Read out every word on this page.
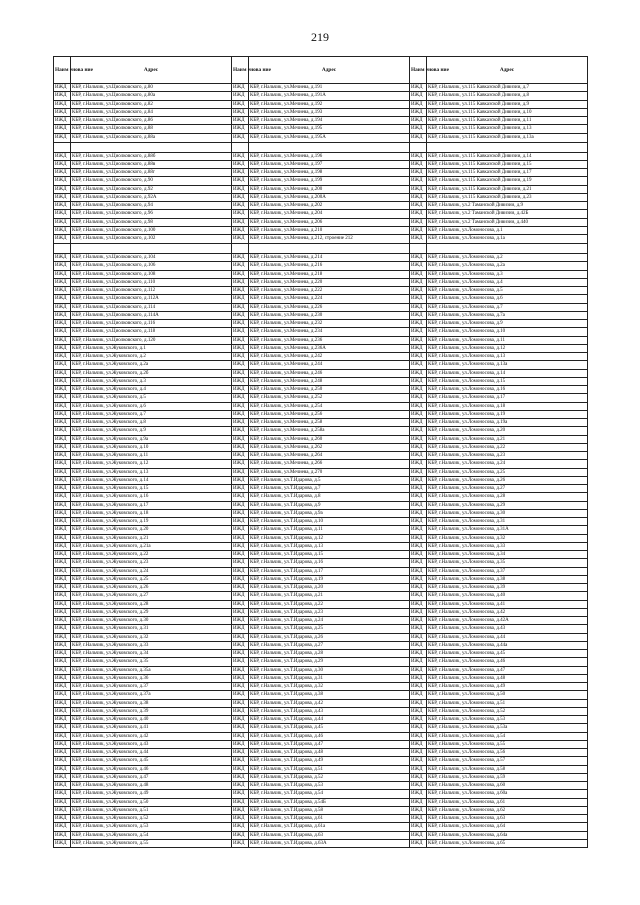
219
Наим енова ние	Адрес	Наим енова ние	Адрес	Наим енова ние	Адрес
ИЖД	КБР, г.Нальчик, ул.Циолковского, д.80	ИЖД	КБР, г.Нальчик, ул.Мечиева, д.191	ИЖД	КБР, г.Нальчик, ул.115 Кавказской Дивизии, д.7
ИЖД	КБР, г.Нальчик, ул.Циолковского, д.80а	ИЖД	КБР, г.Нальчик, ул.Мечиева, д.191А	ИЖД	КБР, г.Нальчик, ул.115 Кавказской Дивизии, д.8
ИЖД	КБР, г.Нальчик, ул.Циолковского, д.82	ИЖД	КБР, г.Нальчик, ул.Мечиева, д.192	ИЖД	КБР, г.Нальчик, ул.115 Кавказской Дивизии, д.9
ИЖД	КБР, г.Нальчик, ул.Циолковского, д.84	ИЖД	КБР, г.Нальчик, ул.Мечиева, д.193	ИЖД	КБР, г.Нальчик, ул.115 Кавказской Дивизии, д.10
ИЖД	КБР, г.Нальчик, ул.Циолковского, д.86	ИЖД	КБР, г.Нальчик, ул.Мечиева, д.194	ИЖД	КБР, г.Нальчик, ул.115 Кавказской Дивизии, д.11
ИЖД	КБР, г.Нальчик, ул.Циолковского, д.88	ИЖД	КБР, г.Нальчик, ул.Мечиева, д.195	ИЖД	КБР, г.Нальчик, ул.115 Кавказской Дивизии, д.13
ИЖД	КБР, г.Нальчик, ул.Циолковского, д.88а	ИЖД	КБР, г.Нальчик, ул.Мечиева, д.195А	ИЖД	КБР, г.Нальчик, ул.115 Кавказской Дивизии, д.13а

ИЖД	КБР, г.Нальчик, ул.Циолковского, д.88б	ИЖД	КБР, г.Нальчик, ул.Мечиева, д.196	ИЖД	КБР, г.Нальчик, ул.115 Кавказской Дивизии, д.14
ИЖД	КБР, г.Нальчик, ул.Циолковского, д.88в	ИЖД	КБР, г.Нальчик, ул.Мечиева, д.197	ИЖД	КБР, г.Нальчик, ул.115 Кавказской Дивизии, д.15
ИЖД	КБР, г.Нальчик, ул.Циолковского, д.88г	ИЖД	КБР, г.Нальчик, ул.Мечиева, д.198	ИЖД	КБР, г.Нальчик, ул.115 Кавказской Дивизии, д.17
ИЖД	КБР, г.Нальчик, ул.Циолковского, д.90	ИЖД	КБР, г.Нальчик, ул.Мечиева, д.199	ИЖД	КБР, г.Нальчик, ул.115 Кавказской Дивизии, д.19
ИЖД	КБР, г.Нальчик, ул.Циолковского, д.92	ИЖД	КБР, г.Нальчик, ул.Мечиева, д.200	ИЖД	КБР, г.Нальчик, ул.115 Кавказской Дивизии, д.21
ИЖД	КБР, г.Нальчик, ул.Циолковского, д.92А	ИЖД	КБР, г.Нальчик, ул.Мечиева, д.200А	ИЖД	КБР, г.Нальчик, ул.115 Кавказской Дивизии, д.23
ИЖД	КБР, г.Нальчик, ул.Циолковского, д.94	ИЖД	КБР, г.Нальчик, ул.Мечиева, д.202	ИЖД	КБР, г.Нальчик, ул.2 Таманской Дивизии, д.9
ИЖД	КБР, г.Нальчик, ул.Циолковского, д.96	ИЖД	КБР, г.Нальчик, ул.Мечиева, д.204	ИЖД	КБР, г.Нальчик, ул.2 Таманской Дивизии, д.42Б
ИЖД	КБР, г.Нальчик, ул.Циолковского, д.98	ИЖД	КБР, г.Нальчик, ул.Мечиева, д.206	ИЖД	КБР, г.Нальчик, ул.2 Таманской Дивизии, д.440
ИЖД	КБР, г.Нальчик, ул.Циолковского, д.100	ИЖД	КБР, г.Нальчик, ул.Мечиева, д.210	ИЖД	КБР, г.Нальчик, ул.Ломоносова, д.1
ИЖД	КБР, г.Нальчик, ул.Циолковского, д.102	ИЖД	КБР, г.Нальчик, ул.Мечиева, д.212, строение 212	ИЖД	КБР, г.Нальчик, ул.Ломоносова, д.1а

ИЖД	КБР, г.Нальчик, ул.Циолковского, д.104	ИЖД	КБР, г.Нальчик, ул.Мечиева, д.214	ИЖД	КБР, г.Нальчик, ул.Ломоносова, д.2
ИЖД	КБР, г.Нальчик, ул.Циолковского, д.106	ИЖД	КБР, г.Нальчик, ул.Мечиева, д.216	ИЖД	КБР, г.Нальчик, ул.Ломоносова, д.2а
ИЖД	КБР, г.Нальчик, ул.Циолковского, д.108	ИЖД	КБР, г.Нальчик, ул.Мечиева, д.218	ИЖД	КБР, г.Нальчик, ул.Ломоносова, д.3
ИЖД	КБР, г.Нальчик, ул.Циолковского, д.110	ИЖД	КБР, г.Нальчик, ул.Мечиева, д.220	ИЖД	КБР, г.Нальчик, ул.Ломоносова, д.4
ИЖД	КБР, г.Нальчик, ул.Циолковского, д.112	ИЖД	КБР, г.Нальчик, ул.Мечиева, д.222	ИЖД	КБР, г.Нальчик, ул.Ломоносова, д.5
ИЖД	КБР, г.Нальчик, ул.Циолковского, д.112А	ИЖД	КБР, г.Нальчик, ул.Мечиева, д.224	ИЖД	КБР, г.Нальчик, ул.Ломоносова, д.6
ИЖД	КБР, г.Нальчик, ул.Циолковского, д.114	ИЖД	КБР, г.Нальчик, ул.Мечиева, д.226	ИЖД	КБР, г.Нальчик, ул.Ломоносова, д.7
ИЖД	КБР, г.Нальчик, ул.Циолковского, д.114А	ИЖД	КБР, г.Нальчик, ул.Мечиева, д.230	ИЖД	КБР, г.Нальчик, ул.Ломоносова, д.7а
ИЖД	КБР, г.Нальчик, ул.Циолковского, д.116	ИЖД	КБР, г.Нальчик, ул.Мечиева, д.232	ИЖД	КБР, г.Нальчик, ул.Ломоносова, д.9
ИЖД	КБР, г.Нальчик, ул.Циолковского, д.118	ИЖД	КБР, г.Нальчик, ул.Мечиева, д.234	ИЖД	КБР, г.Нальчик, ул.Ломоносова, д.10
ИЖД	КБР, г.Нальчик, ул.Циолковского, д.120	ИЖД	КБР, г.Нальчик, ул.Мечиева, д.236	ИЖД	КБР, г.Нальчик, ул.Ломоносова, д.11
ИЖД	КБР, г.Нальчик, ул.Жуковского, д.1	ИЖД	КБР, г.Нальчик, ул.Мечиева, д.236А	ИЖД	КБР, г.Нальчик, ул.Ломоносова, д.12
ИЖД	КБР, г.Нальчик, ул.Жуковского, д.2	ИЖД	КБР, г.Нальчик, ул.Мечиева, д.242	ИЖД	КБР, г.Нальчик, ул.Ломоносова, д.13
ИЖД	КБР, г.Нальчик, ул.Жуковского, д.2а	ИЖД	КБР, г.Нальчик, ул.Мечиева, д.244	ИЖД	КБР, г.Нальчик, ул.Ломоносова, д.13а
ИЖД	КБР, г.Нальчик, ул.Жуковского, д.2б	ИЖД	КБР, г.Нальчик, ул.Мечиева, д.246	ИЖД	КБР, г.Нальчик, ул.Ломоносова, д.14
ИЖД	КБР, г.Нальчик, ул.Жуковского, д.3	ИЖД	КБР, г.Нальчик, ул.Мечиева, д.248	ИЖД	КБР, г.Нальчик, ул.Ломоносова, д.15
ИЖД	КБР, г.Нальчик, ул.Жуковского, д.4	ИЖД	КБР, г.Нальчик, ул.Мечиева, д.250	ИЖД	КБР, г.Нальчик, ул.Ломоносова, д.16
ИЖД	КБР, г.Нальчик, ул.Жуковского, д.5	ИЖД	КБР, г.Нальчик, ул.Мечиева, д.252	ИЖД	КБР, г.Нальчик, ул.Ломоносова, д.17
ИЖД	КБР, г.Нальчик, ул.Жуковского, д.6	ИЖД	КБР, г.Нальчик, ул.Мечиева, д.254	ИЖД	КБР, г.Нальчик, ул.Ломоносова, д.18
ИЖД	КБР, г.Нальчик, ул.Жуковского, д.7	ИЖД	КБР, г.Нальчик, ул.Мечиева, д.256	ИЖД	КБР, г.Нальчик, ул.Ломоносова, д.19
ИЖД	КБР, г.Нальчик, ул.Жуковского, д.8	ИЖД	КБР, г.Нальчик, ул.Мечиева, д.258	ИЖД	КБР, г.Нальчик, ул.Ломоносова, д.19а
ИЖД	КБР, г.Нальчик, ул.Жуковского, д.9	ИЖД	КБР, г.Нальчик, ул.Мечиева, д.258а	ИЖД	КБР, г.Нальчик, ул.Ломоносова, д.20
ИЖД	КБР, г.Нальчик, ул.Жуковского, д.9а	ИЖД	КБР, г.Нальчик, ул.Мечиева, д.260	ИЖД	КБР, г.Нальчик, ул.Ломоносова, д.21
ИЖД	КБР, г.Нальчик, ул.Жуковского, д.10	ИЖД	КБР, г.Нальчик, ул.Мечиева, д.262	ИЖД	КБР, г.Нальчик, ул.Ломоносова, д.22
ИЖД	КБР, г.Нальчик, ул.Жуковского, д.11	ИЖД	КБР, г.Нальчик, ул.Мечиева, д.264	ИЖД	КБР, г.Нальчик, ул.Ломоносова, д.23
ИЖД	КБР, г.Нальчик, ул.Жуковского, д.12	ИЖД	КБР, г.Нальчик, ул.Мечиева, д.266	ИЖД	КБР, г.Нальчик, ул.Ломоносова, д.24
ИЖД	КБР, г.Нальчик, ул.Жуковского, д.13	ИЖД	КБР, г.Нальчик, ул.Мечиева, д.270	ИЖД	КБР, г.Нальчик, ул.Ломоносова, д.25
ИЖД	КБР, г.Нальчик, ул.Жуковского, д.14	ИЖД	КБР, г.Нальчик, ул.Т.Идарова, д.5	ИЖД	КБР, г.Нальчик, ул.Ломоносова, д.26
ИЖД	КБР, г.Нальчик, ул.Жуковского, д.15	ИЖД	КБР, г.Нальчик, ул.Т.Идарова, д.7	ИЖД	КБР, г.Нальчик, ул.Ломоносова, д.27
ИЖД	КБР, г.Нальчик, ул.Жуковского, д.16	ИЖД	КБР, г.Нальчик, ул.Т.Идарова, д.8	ИЖД	КБР, г.Нальчик, ул.Ломоносова, д.28
ИЖД	КБР, г.Нальчик, ул.Жуковского, д.17	ИЖД	КБР, г.Нальчик, ул.Т.Идарова, д.9	ИЖД	КБР, г.Нальчик, ул.Ломоносова, д.29
ИЖД	КБР, г.Нальчик, ул.Жуковского, д.18	ИЖД	КБР, г.Нальчик, ул.Т.Идарова, д.9а	ИЖД	КБР, г.Нальчик, ул.Ломоносова, д.30
ИЖД	КБР, г.Нальчик, ул.Жуковского, д.19	ИЖД	КБР, г.Нальчик, ул.Т.Идарова, д.10	ИЖД	КБР, г.Нальчик, ул.Ломоносова, д.31
ИЖД	КБР, г.Нальчик, ул.Жуковского, д.20	ИЖД	КБР, г.Нальчик, ул.Т.Идарова, д.11	ИЖД	КБР, г.Нальчик, ул.Ломоносова, д.31А
ИЖД	КБР, г.Нальчик, ул.Жуковского, д.21	ИЖД	КБР, г.Нальчик, ул.Т.Идарова, д.12	ИЖД	КБР, г.Нальчик, ул.Ломоносова, д.32
ИЖД	КБР, г.Нальчик, ул.Жуковского, д.21а	ИЖД	КБР, г.Нальчик, ул.Т.Идарова, д.13	ИЖД	КБР, г.Нальчик, ул.Ломоносова, д.33
ИЖД	КБР, г.Нальчик, ул.Жуковского, д.22	ИЖД	КБР, г.Нальчик, ул.Т.Идарова, д.15	ИЖД	КБР, г.Нальчик, ул.Ломоносова, д.34
ИЖД	КБР, г.Нальчик, ул.Жуковского, д.23	ИЖД	КБР, г.Нальчик, ул.Т.Идарова, д.16	ИЖД	КБР, г.Нальчик, ул.Ломоносова, д.35
ИЖД	КБР, г.Нальчик, ул.Жуковского, д.24	ИЖД	КБР, г.Нальчик, ул.Т.Идарова, д.17	ИЖД	КБР, г.Нальчик, ул.Ломоносова, д.37
ИЖД	КБР, г.Нальчик, ул.Жуковского, д.25	ИЖД	КБР, г.Нальчик, ул.Т.Идарова, д.19	ИЖД	КБР, г.Нальчик, ул.Ломоносова, д.38
ИЖД	КБР, г.Нальчик, ул.Жуковского, д.26	ИЖД	КБР, г.Нальчик, ул.Т.Идарова, д.20	ИЖД	КБР, г.Нальчик, ул.Ломоносова, д.39
ИЖД	КБР, г.Нальчик, ул.Жуковского, д.27	ИЖД	КБР, г.Нальчик, ул.Т.Идарова, д.21	ИЖД	КБР, г.Нальчик, ул.Ломоносова, д.40
ИЖД	КБР, г.Нальчик, ул.Жуковского, д.28	ИЖД	КБР, г.Нальчик, ул.Т.Идарова, д.22	ИЖД	КБР, г.Нальчик, ул.Ломоносова, д.41
ИЖД	КБР, г.Нальчик, ул.Жуковского, д.29	ИЖД	КБР, г.Нальчик, ул.Т.Идарова, д.23	ИЖД	КБР, г.Нальчик, ул.Ломоносова, д.42
ИЖД	КБР, г.Нальчик, ул.Жуковского, д.30	ИЖД	КБР, г.Нальчик, ул.Т.Идарова, д.24	ИЖД	КБР, г.Нальчик, ул.Ломоносова, д.42А
ИЖД	КБР, г.Нальчик, ул.Жуковского, д.31	ИЖД	КБР, г.Нальчик, ул.Т.Идарова, д.25	ИЖД	КБР, г.Нальчик, ул.Ломоносова, д.43
ИЖД	КБР, г.Нальчик, ул.Жуковского, д.32	ИЖД	КБР, г.Нальчик, ул.Т.Идарова, д.26	ИЖД	КБР, г.Нальчик, ул.Ломоносова, д.44
ИЖД	КБР, г.Нальчик, ул.Жуковского, д.33	ИЖД	КБР, г.Нальчик, ул.Т.Идарова, д.27	ИЖД	КБР, г.Нальчик, ул.Ломоносова, д.44а
ИЖД	КБР, г.Нальчик, ул.Жуковского, д.34	ИЖД	КБР, г.Нальчик, ул.Т.Идарова, д.28	ИЖД	КБР, г.Нальчик, ул.Ломоносова, д.45
ИЖД	КБР, г.Нальчик, ул.Жуковского, д.35	ИЖД	КБР, г.Нальчик, ул.Т.Идарова, д.29	ИЖД	КБР, г.Нальчик, ул.Ломоносова, д.46
ИЖД	КБР, г.Нальчик, ул.Жуковского, д.35а	ИЖД	КБР, г.Нальчик, ул.Т.Идарова, д.30	ИЖД	КБР, г.Нальчик, ул.Ломоносова, д.47
ИЖД	КБР, г.Нальчик, ул.Жуковского, д.36	ИЖД	КБР, г.Нальчик, ул.Т.Идарова, д.31	ИЖД	КБР, г.Нальчик, ул.Ломоносова, д.48
ИЖД	КБР, г.Нальчик, ул.Жуковского, д.37	ИЖД	КБР, г.Нальчик, ул.Т.Идарова, д.32	ИЖД	КБР, г.Нальчик, ул.Ломоносова, д.49
ИЖД	КБР, г.Нальчик, ул.Жуковского, д.37а	ИЖД	КБР, г.Нальчик, ул.Т.Идарова, д.38	ИЖД	КБР, г.Нальчик, ул.Ломоносова, д.50
ИЖД	КБР, г.Нальчик, ул.Жуковского, д.38	ИЖД	КБР, г.Нальчик, ул.Т.Идарова, д.42	ИЖД	КБР, г.Нальчик, ул.Ломоносова, д.51
ИЖД	КБР, г.Нальчик, ул.Жуковского, д.39	ИЖД	КБР, г.Нальчик, ул.Т.Идарова, д.43	ИЖД	КБР, г.Нальчик, ул.Ломоносова, д.52
ИЖД	КБР, г.Нальчик, ул.Жуковского, д.40	ИЖД	КБР, г.Нальчик, ул.Т.Идарова, д.44	ИЖД	КБР, г.Нальчик, ул.Ломоносова, д.53
ИЖД	КБР, г.Нальчик, ул.Жуковского, д.41	ИЖД	КБР, г.Нальчик, ул.Т.Идарова, д.45	ИЖД	КБР, г.Нальчик, ул.Ломоносова, д.53а
ИЖД	КБР, г.Нальчик, ул.Жуковского, д.42	ИЖД	КБР, г.Нальчик, ул.Т.Идарова, д.46	ИЖД	КБР, г.Нальчик, ул.Ломоносова, д.54
ИЖД	КБР, г.Нальчик, ул.Жуковского, д.43	ИЖД	КБР, г.Нальчик, ул.Т.Идарова, д.47	ИЖД	КБР, г.Нальчик, ул.Ломоносова, д.55
ИЖД	КБР, г.Нальчик, ул.Жуковского, д.44	ИЖД	КБР, г.Нальчик, ул.Т.Идарова, д.48	ИЖД	КБР, г.Нальчик, ул.Ломоносова, д.56
ИЖД	КБР, г.Нальчик, ул.Жуковского, д.45	ИЖД	КБР, г.Нальчик, ул.Т.Идарова, д.49	ИЖД	КБР, г.Нальчик, ул.Ломоносова, д.57
ИЖД	КБР, г.Нальчик, ул.Жуковского, д.46	ИЖД	КБР, г.Нальчик, ул.Т.Идарова, д.51	ИЖД	КБР, г.Нальчик, ул.Ломоносова, д.58
ИЖД	КБР, г.Нальчик, ул.Жуковского, д.47	ИЖД	КБР, г.Нальчик, ул.Т.Идарова, д.52	ИЖД	КБР, г.Нальчик, ул.Ломоносова, д.59
ИЖД	КБР, г.Нальчик, ул.Жуковского, д.48	ИЖД	КБР, г.Нальчик, ул.Т.Идарова, д.53	ИЖД	КБР, г.Нальчик, ул.Ломоносова, д.60
ИЖД	КБР, г.Нальчик, ул.Жуковского, д.49	ИЖД	КБР, г.Нальчик, ул.Т.Идарова, д.54	ИЖД	КБР, г.Нальчик, ул.Ломоносова, д.60а
ИЖД	КБР, г.Нальчик, ул.Жуковского, д.50	ИЖД	КБР, г.Нальчик, ул.Т.Идарова, д.54Б	ИЖД	КБР, г.Нальчик, ул.Ломоносова, д.61
ИЖД	КБР, г.Нальчик, ул.Жуковского, д.51	ИЖД	КБР, г.Нальчик, ул.Т.Идарова, д.58	ИЖД	КБР, г.Нальчик, ул.Ломоносова, д.62
ИЖД	КБР, г.Нальчик, ул.Жуковского, д.52	ИЖД	КБР, г.Нальчик, ул.Т.Идарова, д.61	ИЖД	КБР, г.Нальчик, ул.Ломоносова, д.63
ИЖД	КБР, г.Нальчик, ул.Жуковского, д.53	ИЖД	КБР, г.Нальчик, ул.Т.Идарова, д.61а	ИЖД	КБР, г.Нальчик, ул.Ломоносова, д.64
ИЖД	КБР, г.Нальчик, ул.Жуковского, д.54	ИЖД	КБР, г.Нальчик, ул.Т.Идарова, д.63	ИЖД	КБР, г.Нальчик, ул.Ломоносова, д.64а
ИЖД	КБР, г.Нальчик, ул.Жуковского, д.55	ИЖД	КБР, г.Нальчик, ул.Т.Идарова, д.63А	ИЖД	КБР, г.Нальчик, ул.Ломоносова, д.65
